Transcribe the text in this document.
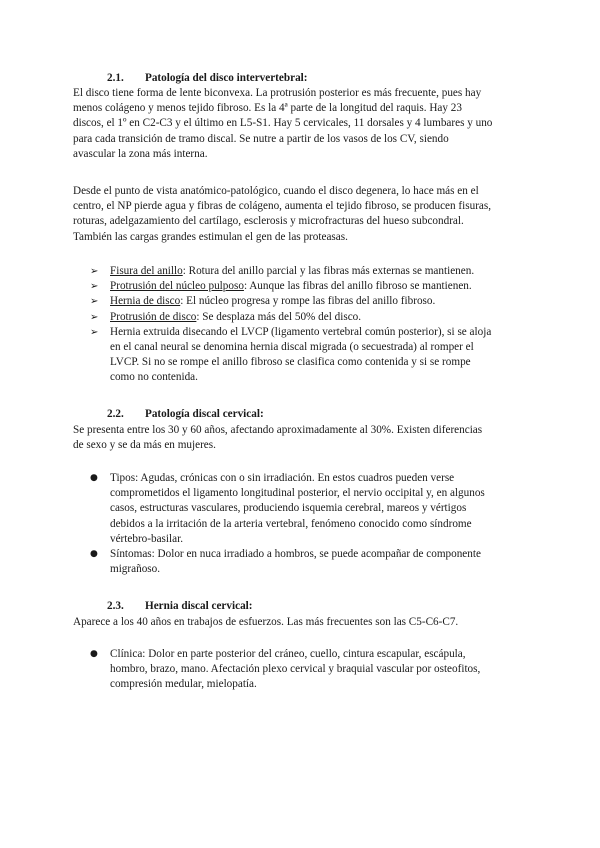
2.1. Patología del disco intervertebral:
El disco tiene forma de lente biconvexa. La protrusión posterior es más frecuente, pues hay
menos colágeno y menos tejido fibroso. Es la 4ª parte de la longitud del raquis. Hay 23
discos, el 1º en C2-C3 y el último en L5-S1. Hay 5 cervicales, 11 dorsales y 4 lumbares y uno
para cada transición de tramo discal. Se nutre a partir de los vasos de los CV, siendo
avascular la zona más interna.
Desde el punto de vista anatómico-patológico, cuando el disco degenera, lo hace más en el
centro, el NP pierde agua y fibras de colágeno, aumenta el tejido fibroso, se producen fisuras,
roturas, adelgazamiento del cartílago, esclerosis y microfracturas del hueso subcondral.
También las cargas grandes estimulan el gen de las proteasas.
➢	Fisura del anillo: Rotura del anillo parcial y las fibras más externas se mantienen.
➢	Protrusión del núcleo pulposo: Aunque las fibras del anillo fibroso se mantienen.
➢	Hernia de disco: El núcleo progresa y rompe las fibras del anillo fibroso.
➢	Protrusión de disco: Se desplaza más del 50% del disco.
➢	Hernia extruida disecando el LVCP (ligamento vertebral común posterior), si se aloja
en el canal neural se denomina hernia discal migrada (o secuestrada) al romper el
LVCP. Si no se rompe el anillo fibroso se clasifica como contenida y si se rompe
como no contenida.
2.2. Patología discal cervical:
Se presenta entre los 30 y 60 años, afectando aproximadamente al 30%. Existen diferencias
de sexo y se da más en mujeres.
●	Tipos: Agudas, crónicas con o sin irradiación. En estos cuadros pueden verse
comprometidos el ligamento longitudinal posterior, el nervio occipital y, en algunos
casos, estructuras vasculares, produciendo isquemia cerebral, mareos y vértigos
debidos a la irritación de la arteria vertebral, fenómeno conocido como síndrome
vértebro-basilar.
●	Síntomas: Dolor en nuca irradiado a hombros, se puede acompañar de componente
migrañoso.
2.3. Hernia discal cervical:
Aparece a los 40 años en trabajos de esfuerzos. Las más frecuentes son las C5-C6-C7.
●	Clínica: Dolor en parte posterior del cráneo, cuello, cintura escapular, escápula,
hombro, brazo, mano. Afectación plexo cervical y braquial vascular por osteofitos,
compresión medular, mielopatía.
